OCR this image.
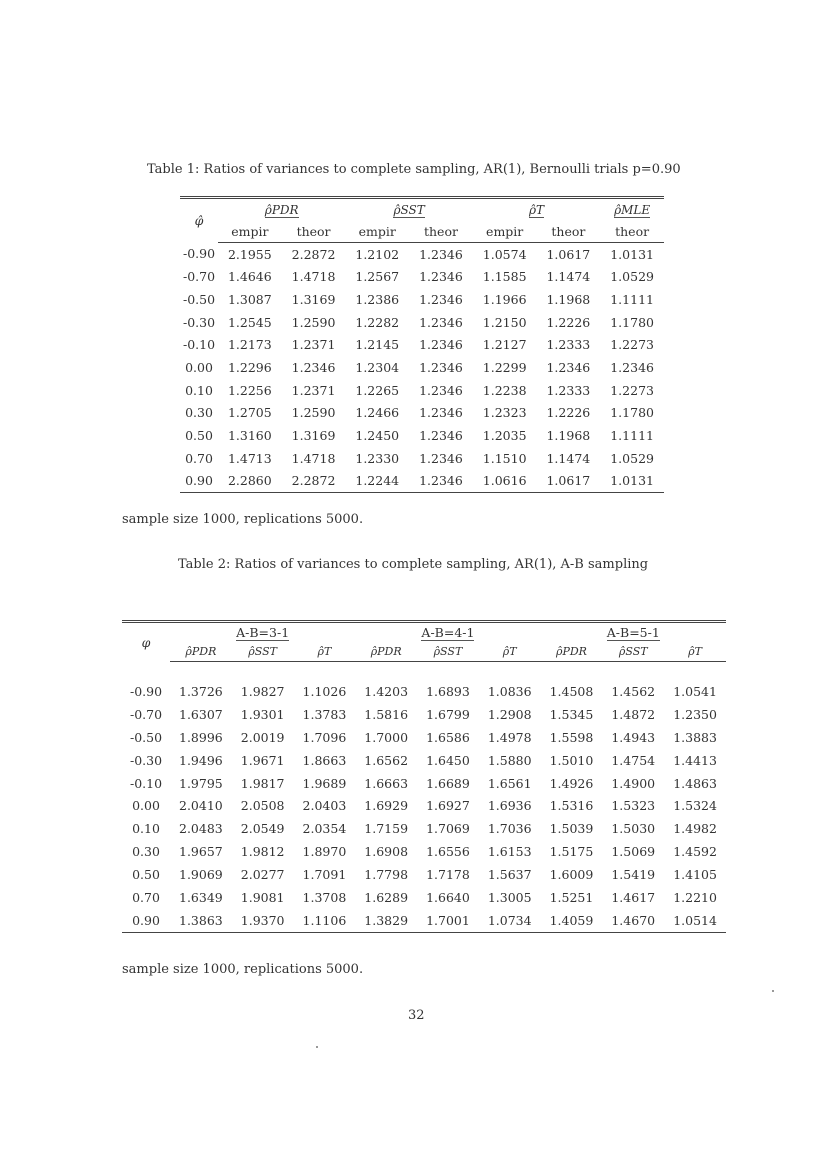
Table 1: Ratios of variances to complete sampling, AR(1), Bernoulli trials p=0.90
φ̂	ρ̂PDR		ρ̂SST		ρ̂T		ρ̂MLE
	empir	theor	empir	theor	empir	theor	theor
-0.90	2.1955	2.2872	1.2102	1.2346	1.0574	1.0617	1.0131
-0.70	1.4646	1.4718	1.2567	1.2346	1.1585	1.1474	1.0529
-0.50	1.3087	1.3169	1.2386	1.2346	1.1966	1.1968	1.1111
-0.30	1.2545	1.2590	1.2282	1.2346	1.2150	1.2226	1.1780
-0.10	1.2173	1.2371	1.2145	1.2346	1.2127	1.2333	1.2273
0.00	1.2296	1.2346	1.2304	1.2346	1.2299	1.2346	1.2346
0.10	1.2256	1.2371	1.2265	1.2346	1.2238	1.2333	1.2273
0.30	1.2705	1.2590	1.2466	1.2346	1.2323	1.2226	1.1780
0.50	1.3160	1.3169	1.2450	1.2346	1.2035	1.1968	1.1111
0.70	1.4713	1.4718	1.2330	1.2346	1.1510	1.1474	1.0529
0.90	2.2860	2.2872	1.2244	1.2346	1.0616	1.0617	1.0131
sample size 1000, replications 5000.
Table 2: Ratios of variances to complete sampling, AR(1), A-B sampling
φ	A-B=3-1			A-B=4-1			A-B=5-1		
	ρ̂PDR	ρ̂SST	ρ̂T	ρ̂PDR	ρ̂SST	ρ̂T	ρ̂PDR	ρ̂SST	ρ̂T

-0.90	1.3726	1.9827	1.1026	1.4203	1.6893	1.0836	1.4508	1.4562	1.0541
-0.70	1.6307	1.9301	1.3783	1.5816	1.6799	1.2908	1.5345	1.4872	1.2350
-0.50	1.8996	2.0019	1.7096	1.7000	1.6586	1.4978	1.5598	1.4943	1.3883
-0.30	1.9496	1.9671	1.8663	1.6562	1.6450	1.5880	1.5010	1.4754	1.4413
-0.10	1.9795	1.9817	1.9689	1.6663	1.6689	1.6561	1.4926	1.4900	1.4863
0.00	2.0410	2.0508	2.0403	1.6929	1.6927	1.6936	1.5316	1.5323	1.5324
0.10	2.0483	2.0549	2.0354	1.7159	1.7069	1.7036	1.5039	1.5030	1.4982
0.30	1.9657	1.9812	1.8970	1.6908	1.6556	1.6153	1.5175	1.5069	1.4592
0.50	1.9069	2.0277	1.7091	1.7798	1.7178	1.5637	1.6009	1.5419	1.4105
0.70	1.6349	1.9081	1.3708	1.6289	1.6640	1.3005	1.5251	1.4617	1.2210
0.90	1.3863	1.9370	1.1106	1.3829	1.7001	1.0734	1.4059	1.4670	1.0514
sample size 1000, replications 5000.
32
